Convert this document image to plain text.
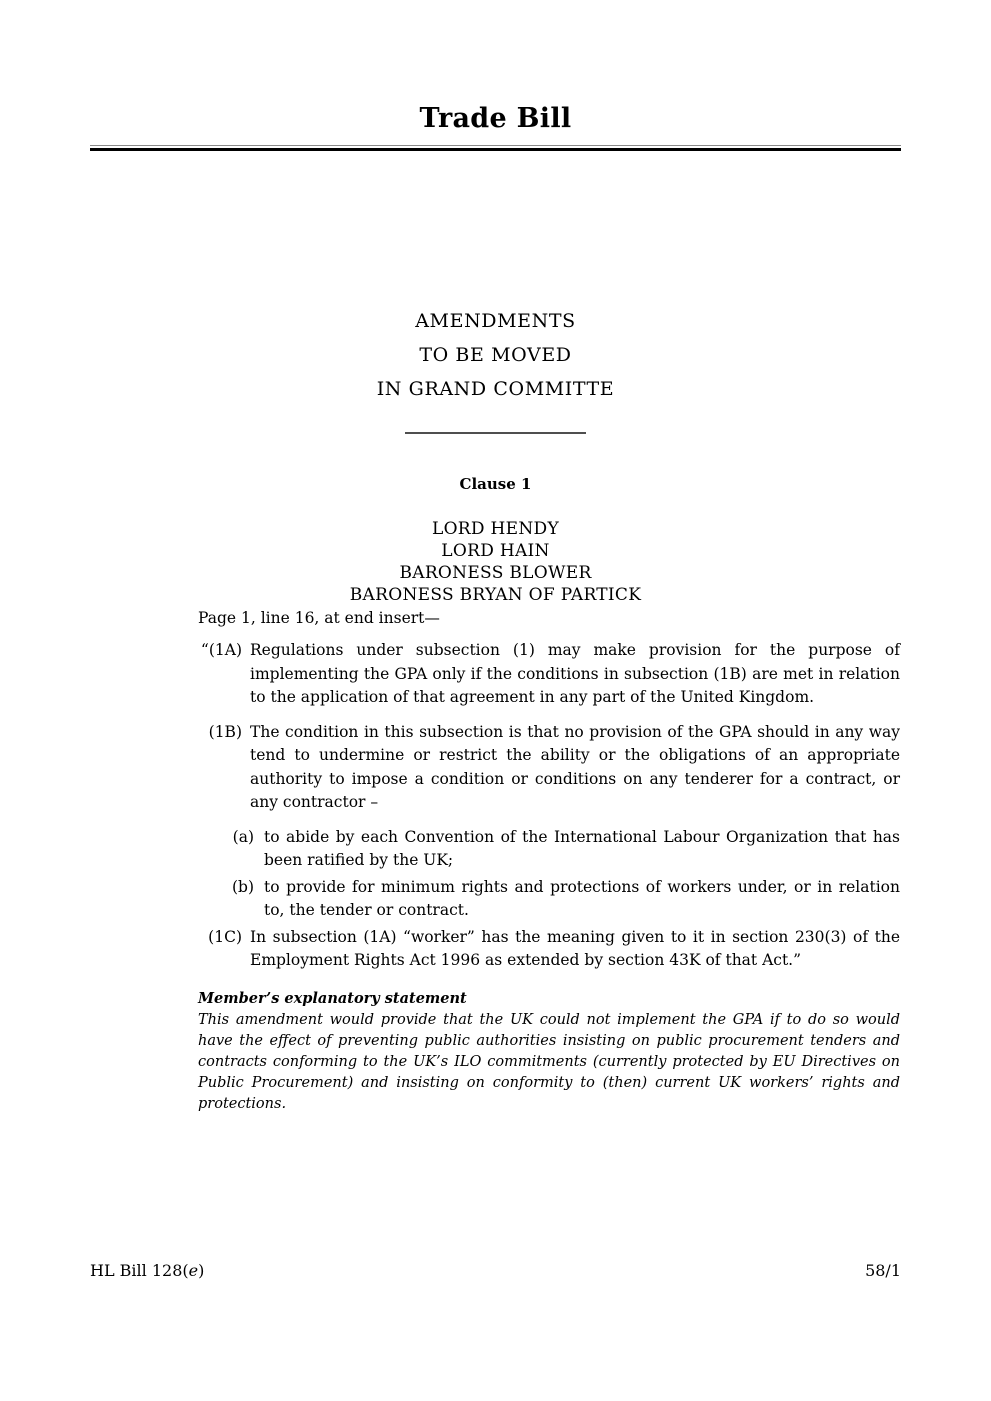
Trade Bill
AMENDMENTS
TO BE MOVED
IN GRAND COMMITTE
Clause 1
LORD HENDY
LORD HAIN
BARONESS BLOWER
BARONESS BRYAN OF PARTICK
Page 1, line 16, at end insert—
“(1A) Regulations under subsection (1) may make provision for the purpose of implementing the GPA only if the conditions in subsection (1B) are met in relation to the application of that agreement in any part of the United Kingdom.
(1B) The condition in this subsection is that no provision of the GPA should in any way tend to undermine or restrict the ability or the obligations of an appropriate authority to impose a condition or conditions on any tenderer for a contract, or any contractor –
(a) to abide by each Convention of the International Labour Organization that has been ratified by the UK;
(b) to provide for minimum rights and protections of workers under, or in relation to, the tender or contract.
(1C) In subsection (1A) “worker” has the meaning given to it in section 230(3) of the Employment Rights Act 1996 as extended by section 43K of that Act.”
Member’s explanatory statement
This amendment would provide that the UK could not implement the GPA if to do so would have the effect of preventing public authorities insisting on public procurement tenders and contracts conforming to the UK’s ILO commitments (currently protected by EU Directives on Public Procurement) and insisting on conformity to (then) current UK workers’ rights and protections.
HL Bill 128(e)	58/1
